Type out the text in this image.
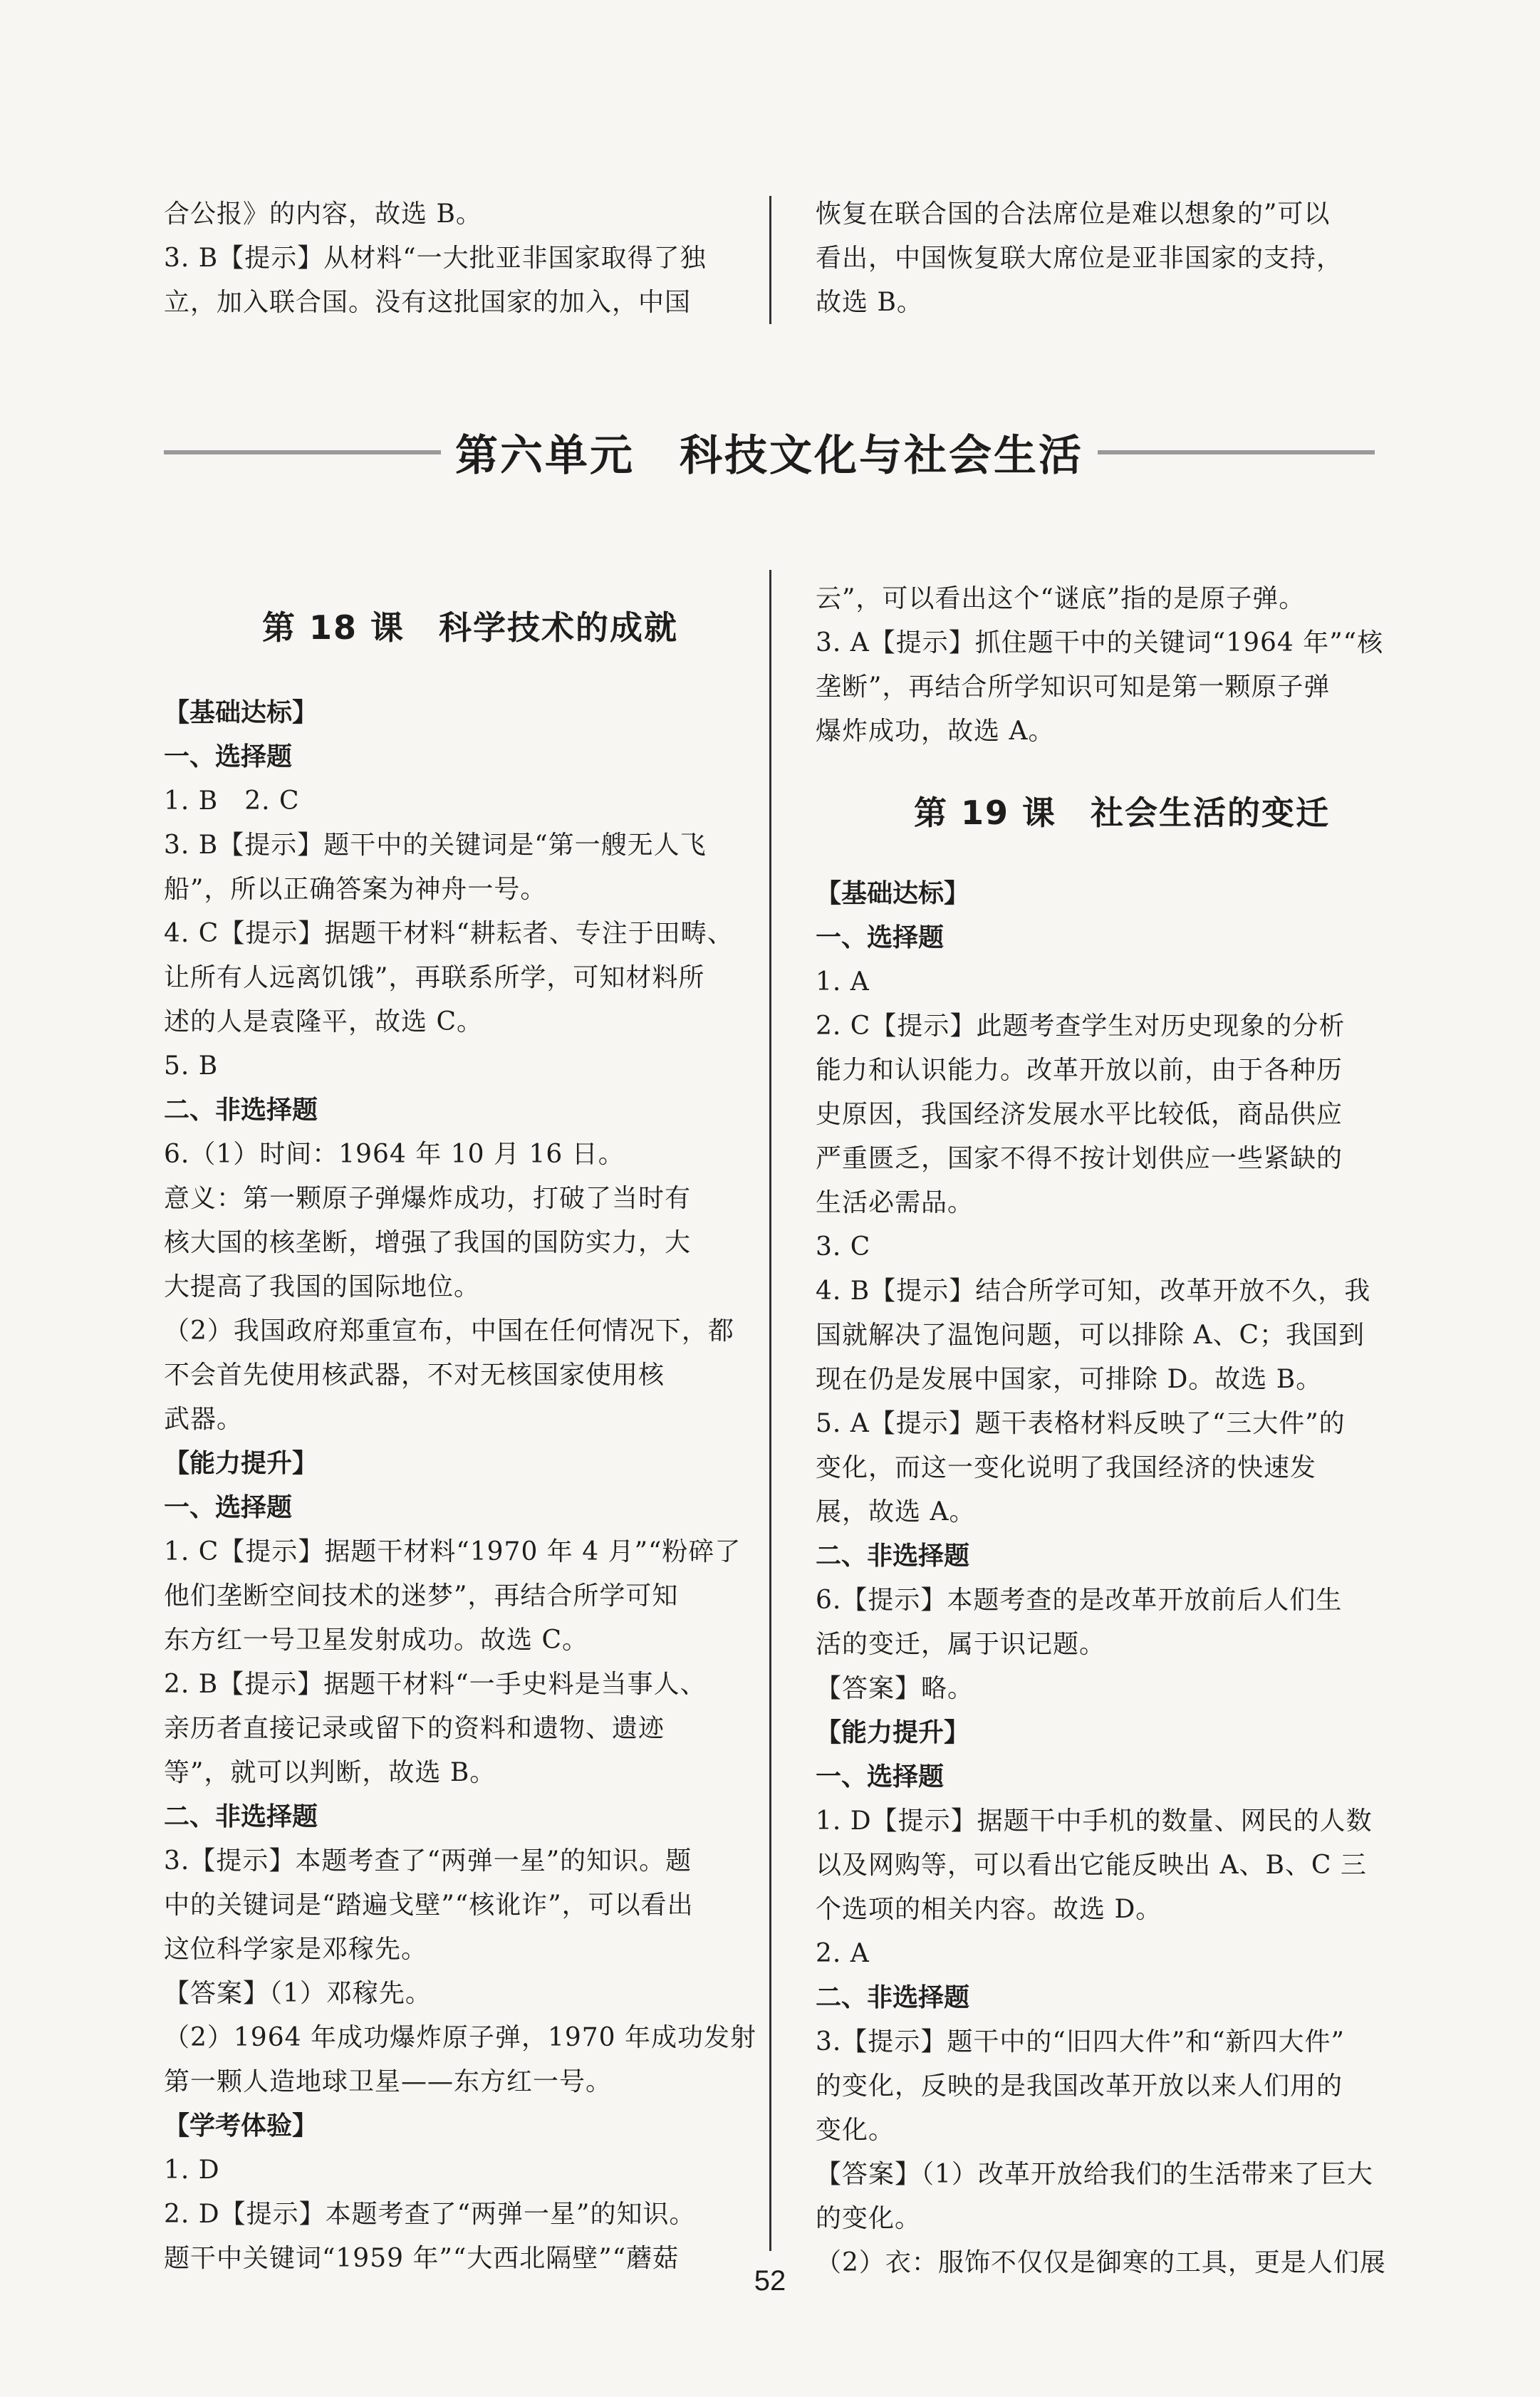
合公报》的内容，故选 B。

3. B【提示】从材料“一大批亚非国家取得了独

立，加入联合国。没有这批国家的加入，中国

恢复在联合国的合法席位是难以想象的”可以

看出，中国恢复联大席位是亚非国家的支持，

故选 B。

第六单元　科技文化与社会生活
第 18 课　科学技术的成就

【基础达标】

一、选择题

1. B　2. C

3. B【提示】题干中的关键词是“第一艘无人飞

船”，所以正确答案为神舟一号。

4. C【提示】据题干材料“耕耘者、专注于田畴、

让所有人远离饥饿”，再联系所学，可知材料所

述的人是袁隆平，故选 C。

5. B

二、非选择题

6.（1）时间：1964 年 10 月 16 日。

意义：第一颗原子弹爆炸成功，打破了当时有

核大国的核垄断，增强了我国的国防实力，大

大提高了我国的国际地位。

（2）我国政府郑重宣布，中国在任何情况下，都

不会首先使用核武器，不对无核国家使用核

武器。

【能力提升】

一、选择题

1. C【提示】据题干材料“1970 年 4 月”“粉碎了

他们垄断空间技术的迷梦”，再结合所学可知

东方红一号卫星发射成功。故选 C。

2. B【提示】据题干材料“一手史料是当事人、

亲历者直接记录或留下的资料和遗物、遗迹

等”，就可以判断，故选 B。

二、非选择题

3.【提示】本题考查了“两弹一星”的知识。题

中的关键词是“踏遍戈壁”“核讹诈”，可以看出

这位科学家是邓稼先。

【答案】（1）邓稼先。

（2）1964 年成功爆炸原子弹，1970 年成功发射

第一颗人造地球卫星——东方红一号。

【学考体验】

1. D

2. D【提示】本题考查了“两弹一星”的知识。

题干中关键词“1959 年”“大西北隔壁”“蘑菇

云”，可以看出这个“谜底”指的是原子弹。

3. A【提示】抓住题干中的关键词“1964 年”“核

垄断”，再结合所学知识可知是第一颗原子弹

爆炸成功，故选 A。

第 19 课　社会生活的变迁

【基础达标】

一、选择题

1. A

2. C【提示】此题考查学生对历史现象的分析

能力和认识能力。改革开放以前，由于各种历

史原因，我国经济发展水平比较低，商品供应

严重匮乏，国家不得不按计划供应一些紧缺的

生活必需品。

3. C

4. B【提示】结合所学可知，改革开放不久，我

国就解决了温饱问题，可以排除 A、C；我国到

现在仍是发展中国家，可排除 D。故选 B。

5. A【提示】题干表格材料反映了“三大件”的

变化，而这一变化说明了我国经济的快速发

展，故选 A。

二、非选择题

6.【提示】本题考查的是改革开放前后人们生

活的变迁，属于识记题。

【答案】略。

【能力提升】

一、选择题

1. D【提示】据题干中手机的数量、网民的人数

以及网购等，可以看出它能反映出 A、B、C 三

个选项的相关内容。故选 D。

2. A

二、非选择题

3.【提示】题干中的“旧四大件”和“新四大件”

的变化，反映的是我国改革开放以来人们用的

变化。

【答案】（1）改革开放给我们的生活带来了巨大

的变化。

（2）衣：服饰不仅仅是御寒的工具，更是人们展

52
